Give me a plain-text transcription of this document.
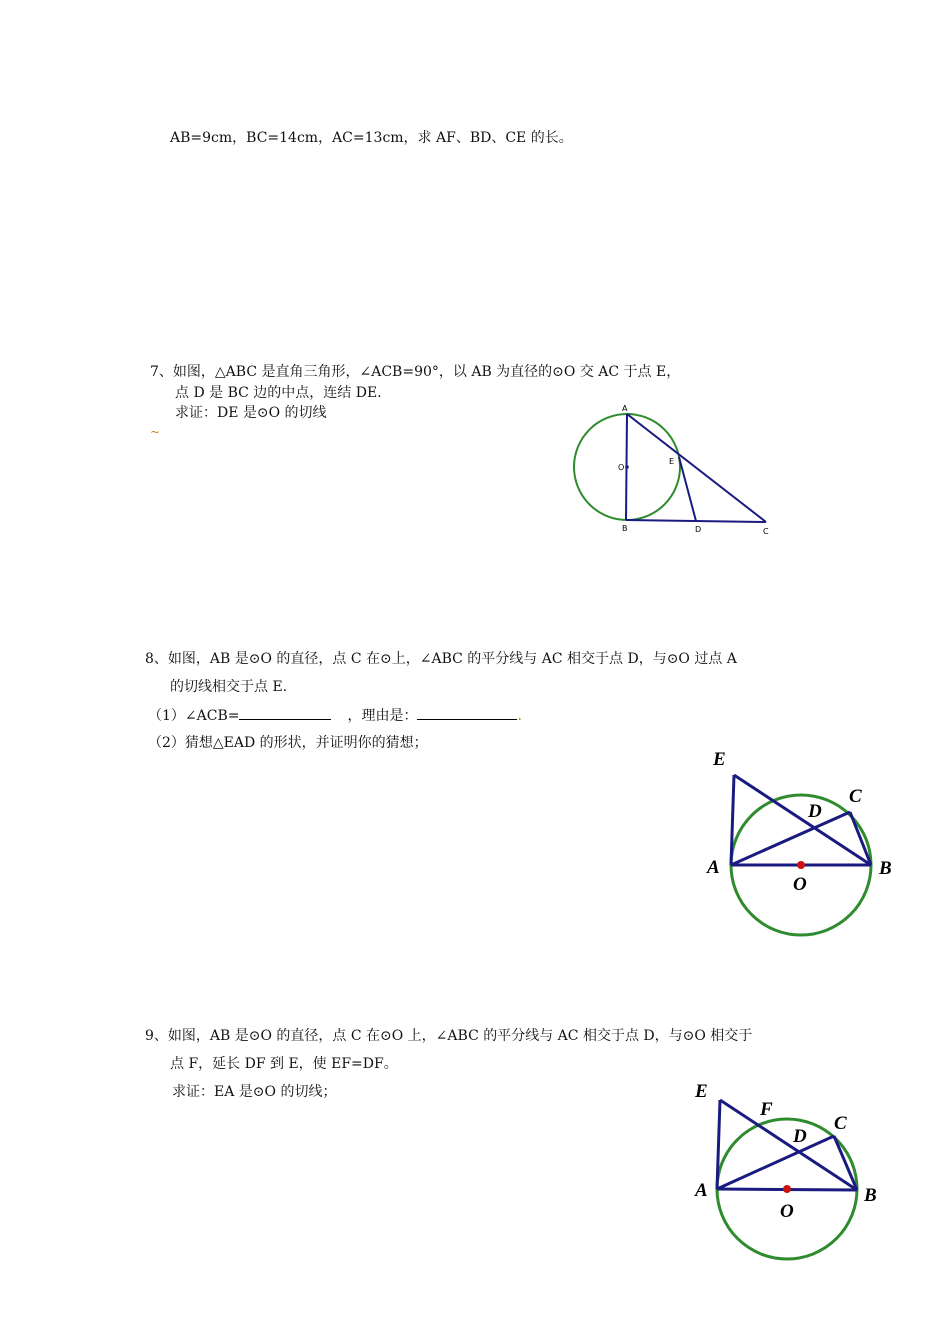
AB=9cm，BC=14cm，AC=13cm，求 AF、BD、CE 的长。
7、如图，△ABC 是直角三角形，∠ACB=90°，以 AB 为直径的⊙O 交 AC 于点 E，
点 D 是 BC 边的中点，连结 DE.
求证：DE 是⊙O 的切线
~
A
O
E
B	D	C
8、如图，AB 是⊙O 的直径，点 C 在⊙上，∠ABC 的平分线与 AC 相交于点 D，与⊙O 过点 A
的切线相交于点 E.
（1）∠ACB=	，理由是：	.
（2）猜想△EAD 的形状，并证明你的猜想；
E
C
D
A	B
O
9、如图，AB 是⊙O 的直径，点 C 在⊙O 上，∠ABC 的平分线与 AC 相交于点 D，与⊙O 相交于
点 F，延长 DF 到 E，使 EF=DF。
求证：EA 是⊙O 的切线；	E
F
C
D
A	B
O
